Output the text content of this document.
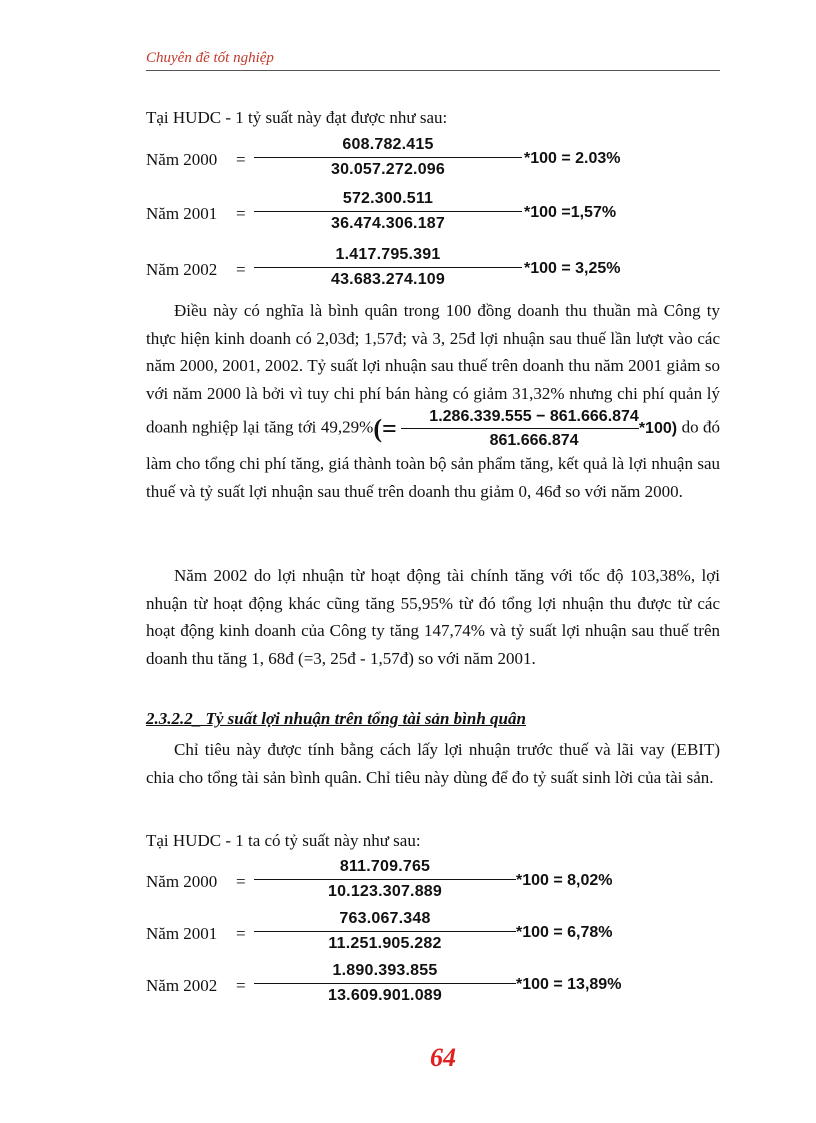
Chuyên đề tốt nghiệp
Tại HUDC - 1 tỷ suất này đạt được như sau:
Năm 2000 =
608.782.415
30.057.272.096
*100 = 2.03%
Năm 2001 =
572.300.511
36.474.306.187
*100 =1,57%
Năm 2002 =
1.417.795.391
43.683.274.109
*100 = 3,25%

Điều này có nghĩa là bình quân trong 100 đồng doanh thu thuần mà Công ty thực hiện kinh doanh có 2,03đ; 1,57đ; và 3, 25đ lợi nhuận sau thuế lần lượt vào các năm 2000, 2001, 2002. Tỷ suất lợi nhuận sau thuế trên doanh thu năm 2001 giảm so với năm 2000 là bởi vì tuy chi phí bán hàng có giảm 31,32% nhưng chi phí quản lý doanh nghiệp lại tăng tới $49,29\%(= \frac{1.286.339.555 - 861.666.874}{861.666.874} *100)$ do đó làm cho tổng chi phí tăng, giá thành toàn bộ sản phẩm tăng, kết quả là lợi nhuận sau thuế và tỷ suất lợi nhuận sau thuế trên doanh thu giảm 0, 46đ so với năm 2000.

Năm 2002 do lợi nhuận từ hoạt động tài chính tăng với tốc độ 103,38%, lợi nhuận từ hoạt động khác cũng tăng 55,95% từ đó tổng lợi nhuận thu được từ các hoạt động kinh doanh của Công ty tăng 147,74% và tỷ suất lợi nhuận sau thuế trên doanh thu tăng 1, 68đ (=3, 25đ - 1,57đ) so với năm 2001.

2.3.2.2_ Tỷ suất lợi nhuận trên tổng tài sản bình quân

Chỉ tiêu này được tính bằng cách lấy lợi nhuận trước thuế và lãi vay (EBIT) chia cho tổng tài sản bình quân. Chỉ tiêu này dùng để đo tỷ suất sinh lời của tài sản.

Tại HUDC - 1 ta có tỷ suất này như sau:
Năm 2000 =
811.709.765
10.123.307.889
*100 = 8,02%
Năm 2001 =
763.067.348
11.251.905.282
*100 = 6,78%
Năm 2002 =
1.890.393.855
13.609.901.089
*100 = 13,89%
64
